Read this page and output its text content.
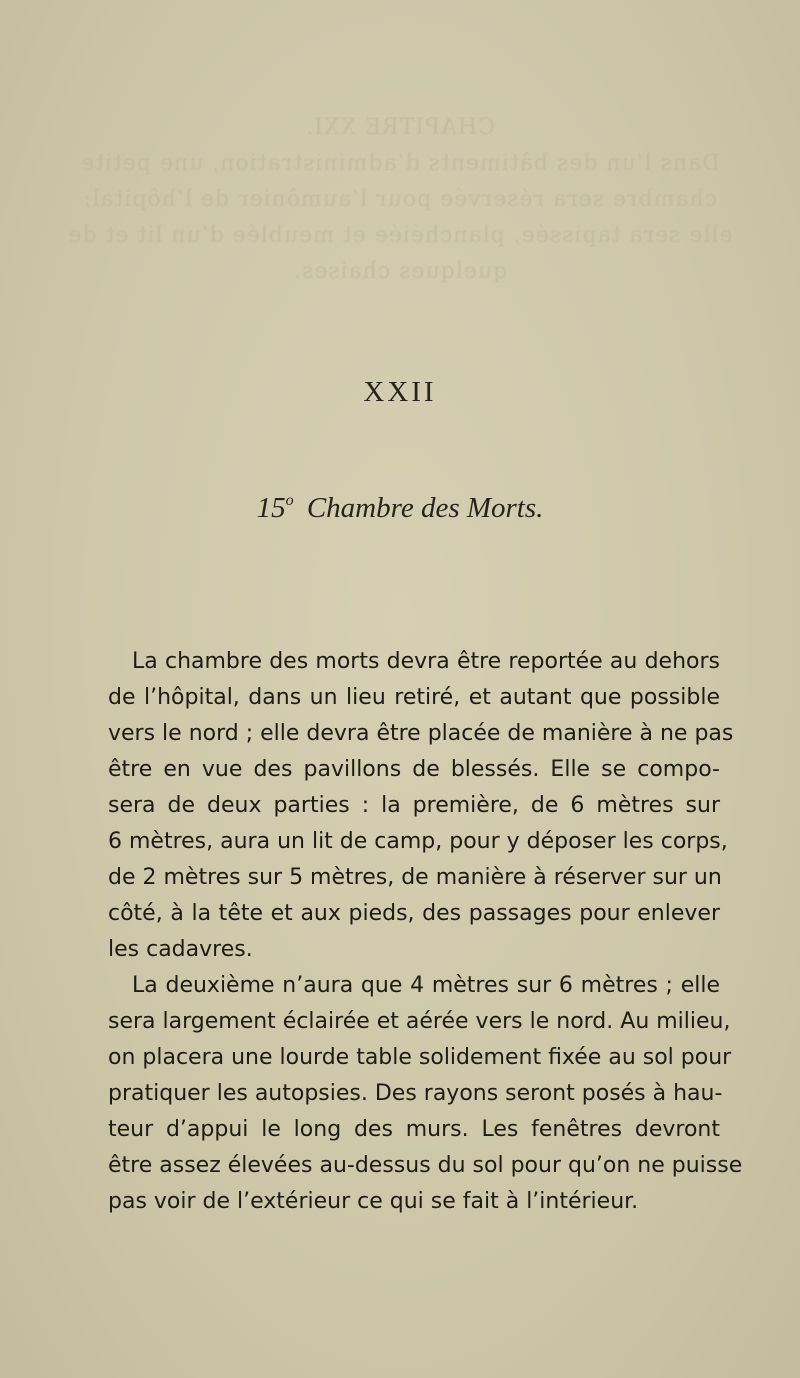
CHAPITRE XXI.
Dans l’un des bâtiments d’administration, une petite
chambre sera réservée pour l’aumônier de l’hôpital;
elle sera tapissée, planchéiée et meublée d’un lit et de
quelques chaises.
XXII
15$^o$ Chambre des Morts.
La chambre des morts devra être reportée au dehors
de l’hôpital, dans un lieu retiré, et autant que possible
vers le nord ; elle devra être placée de manière à ne pas
être en vue des pavillons de blessés. Elle se compo-
sera de deux parties : la première, de 6 mètres sur
6 mètres, aura un lit de camp, pour y déposer les corps,
de 2 mètres sur 5 mètres, de manière à réserver sur un
côté, à la tête et aux pieds, des passages pour enlever
les cadavres.
La deuxième n’aura que 4 mètres sur 6 mètres ; elle
sera largement éclairée et aérée vers le nord. Au milieu,
on placera une lourde table solidement fixée au sol pour
pratiquer les autopsies. Des rayons seront posés à hau-
teur d’appui le long des murs. Les fenêtres devront
être assez élevées au-dessus du sol pour qu’on ne puisse
pas voir de l’extérieur ce qui se fait à l’intérieur.
